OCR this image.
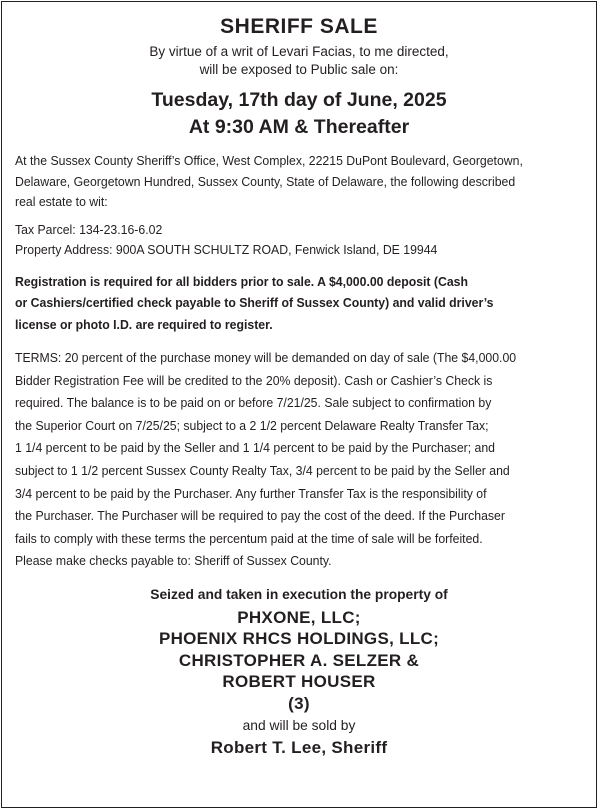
SHERIFF SALE
By virtue of a writ of Levari Facias, to me directed,
will be exposed to Public sale on:
Tuesday, 17th day of June, 2025
At 9:30 AM & Thereafter
At the Sussex County Sheriff’s Office, West Complex, 22215 DuPont Boulevard, Georgetown,
Delaware, Georgetown Hundred, Sussex County, State of Delaware, the following described
real estate to wit:
Tax Parcel: 134-23.16-6.02
Property Address: 900A SOUTH SCHULTZ ROAD, Fenwick Island, DE 19944
Registration is required for all bidders prior to sale. A $4,000.00 deposit (Cash
or Cashiers/certified check payable to Sheriff of Sussex County) and valid driver’s
license or photo I.D. are required to register.
TERMS: 20 percent of the purchase money will be demanded on day of sale (The $4,000.00
Bidder Registration Fee will be credited to the 20% deposit). Cash or Cashier’s Check is
required. The balance is to be paid on or before 7/21/25. Sale subject to confirmation by
the Superior Court on 7/25/25; subject to a 2 1/2 percent Delaware Realty Transfer Tax;
1 1/4 percent to be paid by the Seller and 1 1/4 percent to be paid by the Purchaser; and
subject to 1 1/2 percent Sussex County Realty Tax, 3/4 percent to be paid by the Seller and
3/4 percent to be paid by the Purchaser. Any further Transfer Tax is the responsibility of
the Purchaser. The Purchaser will be required to pay the cost of the deed. If the Purchaser
fails to comply with these terms the percentum paid at the time of sale will be forfeited.
Please make checks payable to: Sheriff of Sussex County.
Seized and taken in execution the property of
PHXONE, LLC;
PHOENIX RHCS HOLDINGS, LLC;
CHRISTOPHER A. SELZER &
ROBERT HOUSER
(3)
and will be sold by
Robert T. Lee, Sheriff
